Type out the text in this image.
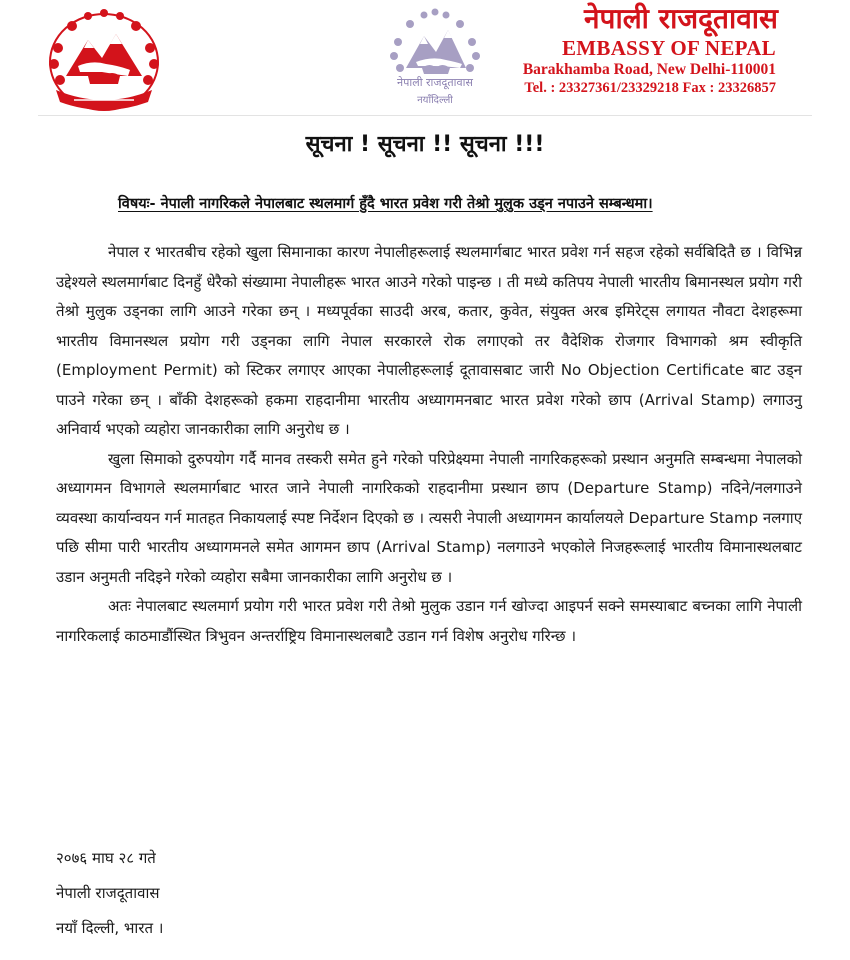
नेपाली राजदूतावास
नयाँदिल्ली
नेपाली राजदूतावास
EMBASSY OF NEPAL
Barakhamba Road, New Delhi-110001
Tel. : 23327361/23329218 Fax : 23326857
सूचना ! सूचना !! सूचना !!!
विषयः- नेपाली नागरिकले नेपालबाट स्थलमार्ग हुँदै भारत प्रवेश गरी तेश्रो मुलुक उड्न नपाउने सम्बन्धमा।

नेपाल र भारतबीच रहेको खुला सिमानाका कारण नेपालीहरूलाई स्थलमार्गबाट भारत प्रवेश गर्न सहज रहेको सर्वबिदितै छ । विभिन्न उद्देश्यले स्थलमार्गबाट दिनहुँ धेरैको संख्यामा नेपालीहरू भारत आउने गरेको पाइन्छ । ती मध्ये कतिपय नेपाली भारतीय बिमानस्थल प्रयोग गरी तेश्रो मुलुक उड्नका लागि आउने गरेका छन् । मध्यपूर्वका साउदी अरब, कतार, कुवेत, संयुक्त अरब इमिरेट्स लगायत नौवटा देशहरूमा भारतीय विमानस्थल प्रयोग गरी उड्नका लागि नेपाल सरकारले रोक लगाएको तर वैदेशिक रोजगार विभागको श्रम स्वीकृति (Employment Permit) को स्टिकर लगाएर आएका नेपालीहरूलाई दूतावासबाट जारी No Objection Certificate बाट उड्न पाउने गरेका छन् । बाँकी देशहरूको हकमा राहदानीमा भारतीय अध्यागमनबाट भारत प्रवेश गरेको छाप (Arrival Stamp) लगाउनु अनिवार्य भएको व्यहोरा जानकारीका लागि अनुरोध छ ।

खुला सिमाको दुरुपयोग गर्दै मानव तस्करी समेत हुने गरेको परिप्रेक्ष्यमा नेपाली नागरिकहरूको प्रस्थान अनुमति सम्बन्धमा नेपालको अध्यागमन विभागले स्थलमार्गबाट भारत जाने नेपाली नागरिकको राहदानीमा प्रस्थान छाप (Departure Stamp) नदिने/नलगाउने व्यवस्था कार्यान्वयन गर्न मातहत निकायलाई स्पष्ट निर्देशन दिएको छ । त्यसरी नेपाली अध्यागमन कार्यालयले Departure Stamp नलगाए पछि सीमा पारी भारतीय अध्यागमनले समेत आगमन छाप (Arrival Stamp) नलगाउने भएकोले निजहरूलाई भारतीय विमानास्थलबाट उडान अनुमती नदिइने गरेको व्यहोरा सबैमा जानकारीका लागि अनुरोध छ ।

अतः नेपालबाट स्थलमार्ग प्रयोग गरी भारत प्रवेश गरी तेश्रो मुलुक उडान गर्न खोज्दा आइपर्न सक्ने समस्याबाट बच्नका लागि नेपाली नागरिकलाई काठमाडौंस्थित त्रिभुवन अन्तर्राष्ट्रिय विमानास्थलबाटै उडान गर्न विशेष अनुरोध गरिन्छ ।

२०७६ माघ २८ गते
नेपाली राजदूतावास
नयाँ दिल्ली, भारत ।
